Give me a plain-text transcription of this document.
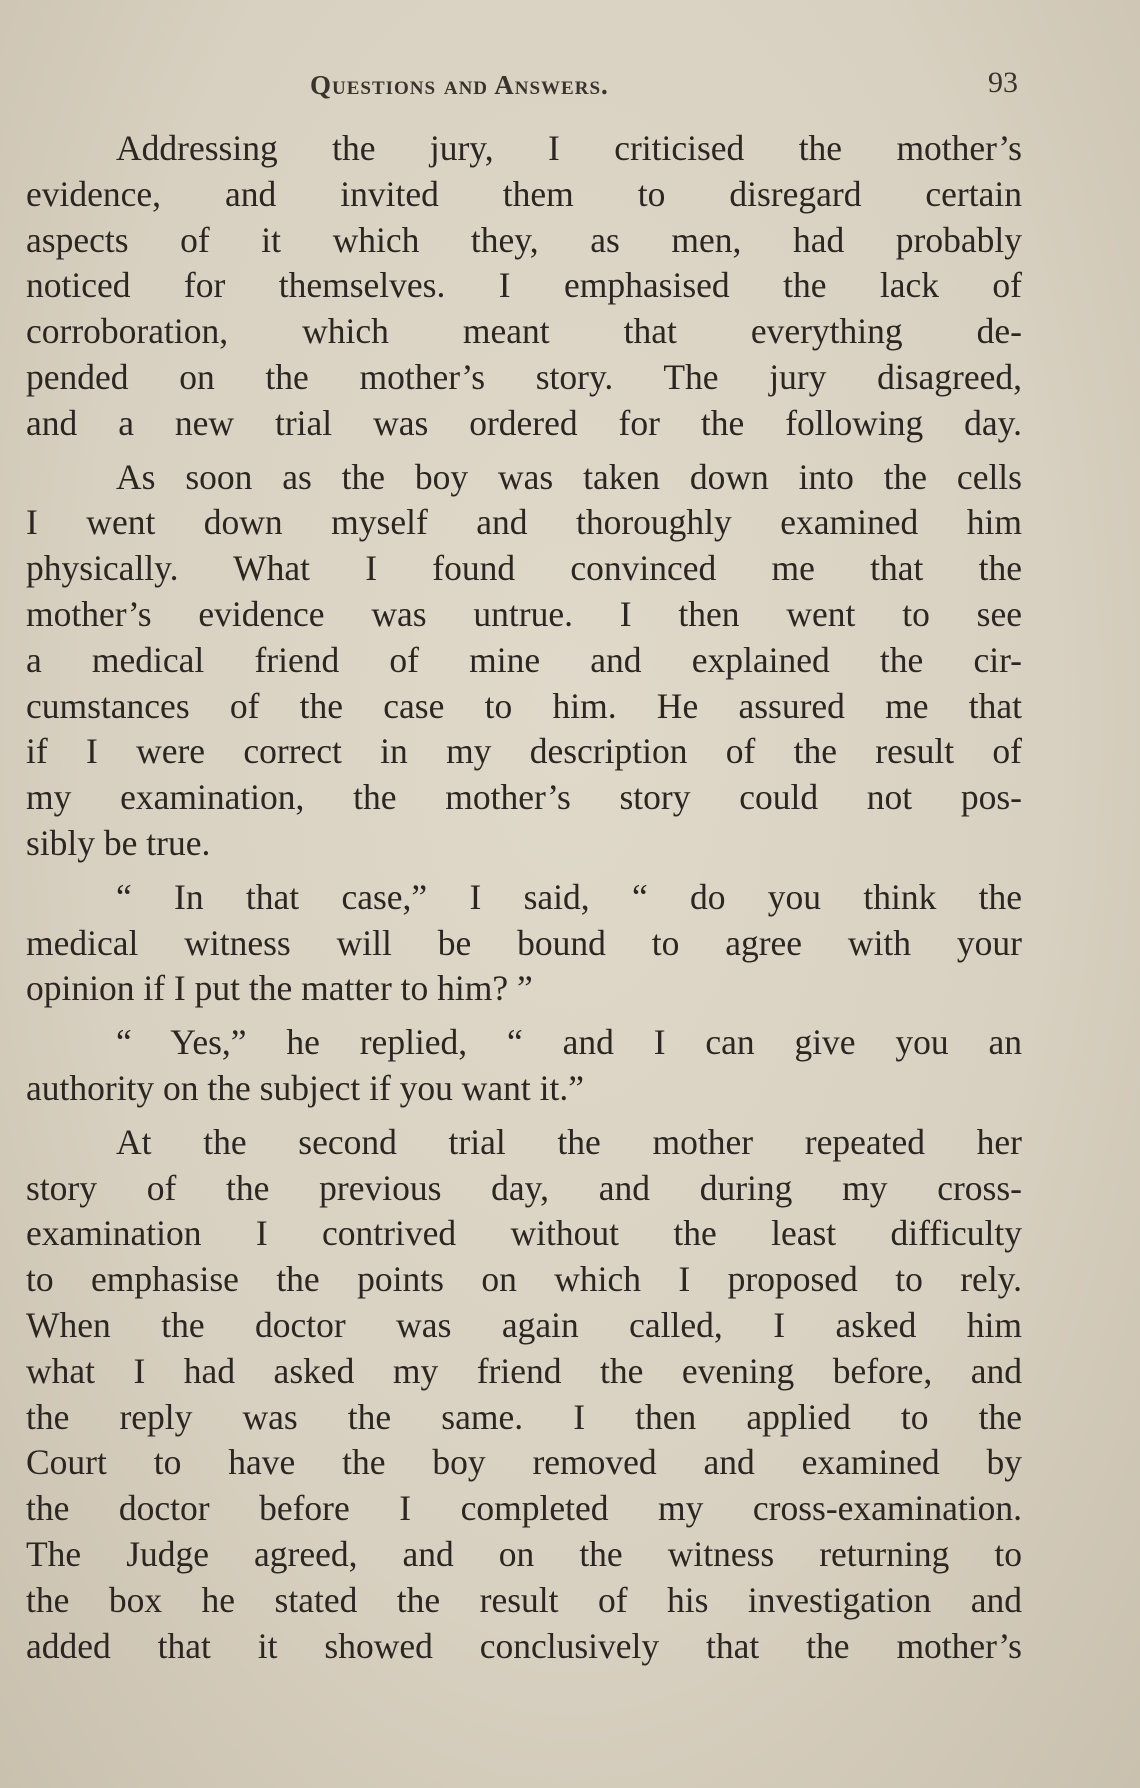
Questions and Answers.	93

Addressing the jury, I criticised the mother’s
evidence, and invited them to disregard certain
aspects of it which they, as men, had probably
noticed for themselves. I emphasised the lack of
corroboration, which meant that everything de-
pended on the mother’s story. The jury disagreed,
and a new trial was ordered for the following day.

As soon as the boy was taken down into the cells
I went down myself and thoroughly examined him
physically. What I found convinced me that the
mother’s evidence was untrue. I then went to see
a medical friend of mine and explained the cir-
cumstances of the case to him. He assured me that
if I were correct in my description of the result of
my examination, the mother’s story could not pos-
sibly be true.

“ In that case,” I said, “ do you think the
medical witness will be bound to agree with your
opinion if I put the matter to him? ”

“ Yes,” he replied, “ and I can give you an
authority on the subject if you want it.”

At the second trial the mother repeated her
story of the previous day, and during my cross-
examination I contrived without the least difficulty
to emphasise the points on which I proposed to rely.
When the doctor was again called, I asked him
what I had asked my friend the evening before, and
the reply was the same. I then applied to the
Court to have the boy removed and examined by
the doctor before I completed my cross-examination.
The Judge agreed, and on the witness returning to
the box he stated the result of his investigation and
added that it showed conclusively that the mother’s
